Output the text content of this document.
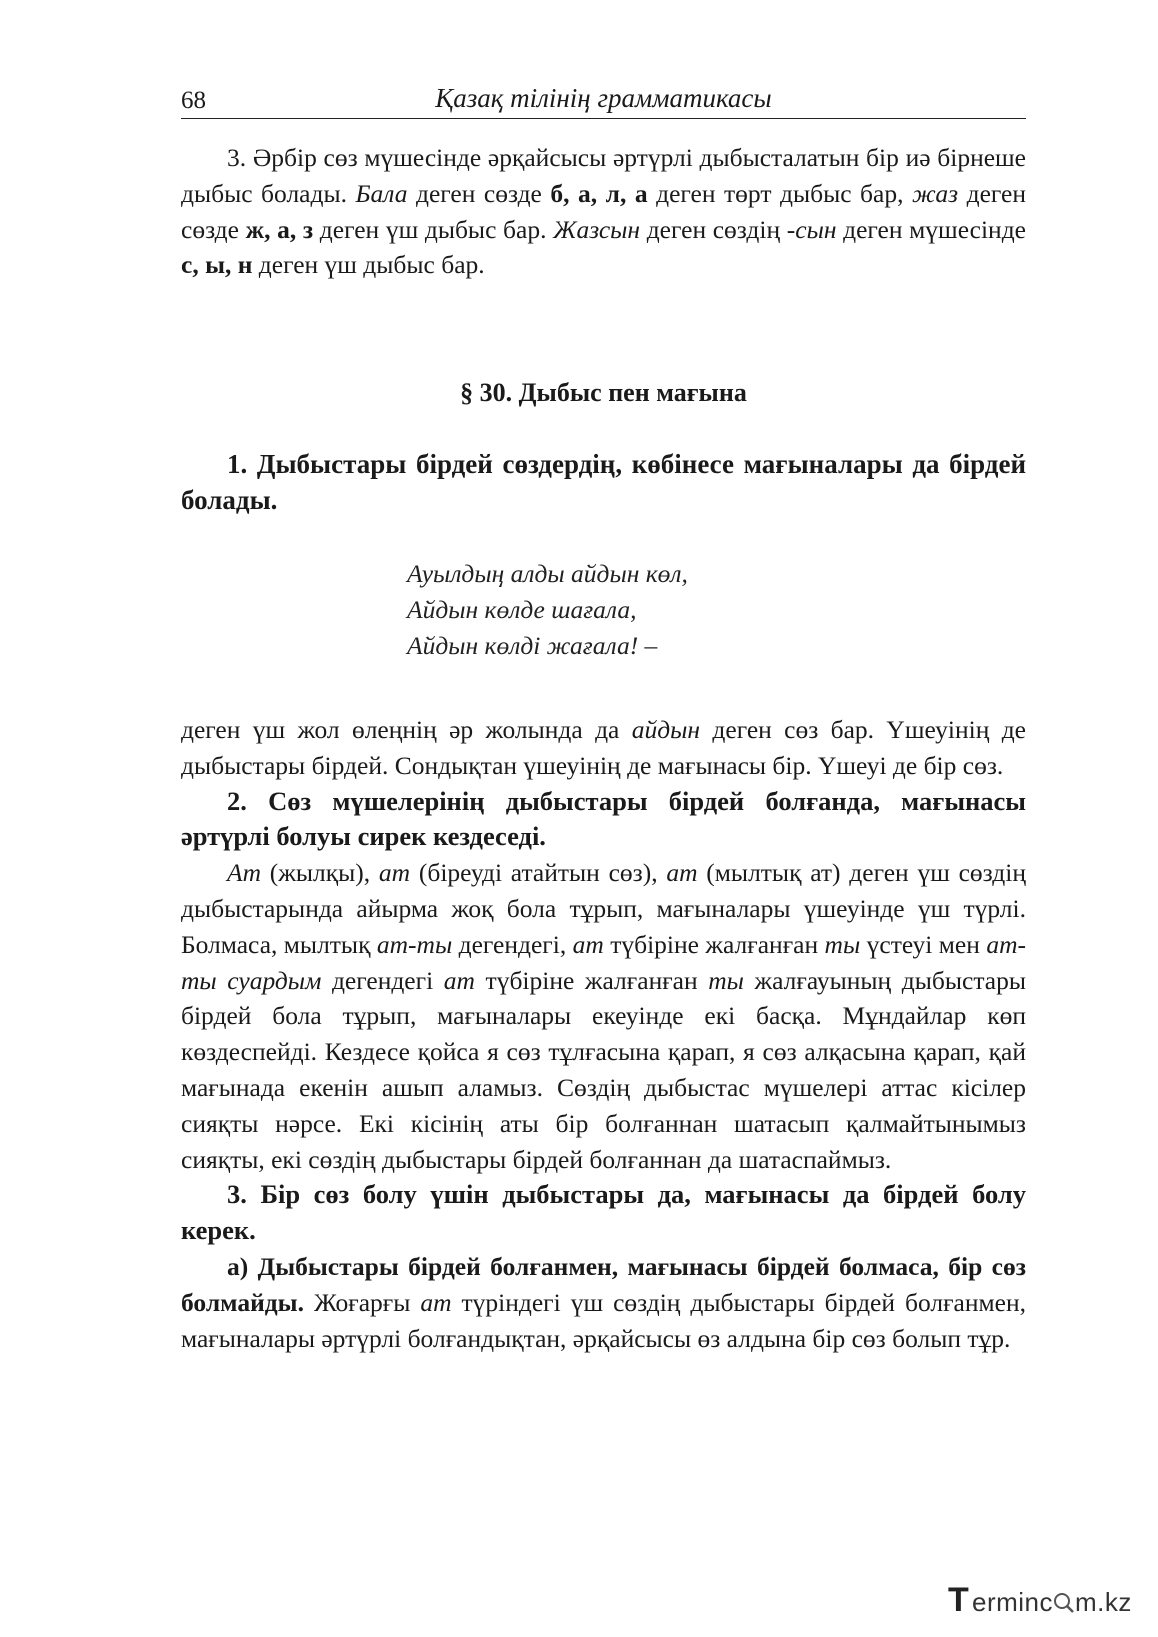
68	Қазақ тілінің грамматикасы

3. Әрбір сөз мүшесінде әрқайсысы әртүрлі дыбысталатын бір иә бірнеше дыбыс болады. Бала деген сөзде б, а, л, а деген төрт дыбыс бар, жаз деген сөзде ж, а, з деген үш дыбыс бар. Жазсын деген сөздің -сын деген мүшесінде с, ы, н деген үш дыбыс бар.

§ 30. Дыбыс пен мағына

1. Дыбыстары бірдей сөздердің, көбінесе мағыналары да бірдей болады.

Ауылдың алды айдын көл,
Айдын көлде шағала,
Айдын көлді жағала! –

деген үш жол өлеңнің әр жолында да айдын деген сөз бар. Үшеуінің де дыбыстары бірдей. Сондықтан үшеуінің де мағынасы бір. Үшеуі де бір сөз.

2. Сөз мүшелерінің дыбыстары бірдей болғанда, мағынасы әртүрлі болуы сирек кездеседі.

Ат (жылқы), ат (біреуді атайтын сөз), ат (мылтық ат) деген үш сөздің дыбыстарында айырма жоқ бола тұрып, мағыналары үшеуінде үш түрлі. Болмаса, мылтық ат-ты дегендегі, ат түбіріне жалғанған ты үстеуі мен ат-ты суардым дегендегі ат түбіріне жалғанған ты жалғауының дыбыстары бірдей бола тұрып, мағыналары екеуінде екі басқа. Мұндайлар көп көздеспейді. Кездесе қойса я сөз тұлғасына қарап, я сөз алқасына қарап, қай мағынада екенін ашып аламыз. Сөздің дыбыстас мүшелері аттас кісілер сияқты нәрсе. Екі кісінің аты бір болғаннан шатасып қалмайтынымыз сияқты, екі сөздің дыбыстары бірдей болғаннан да шатаспаймыз.

3. Бір сөз болу үшін дыбыстары да, мағынасы да бірдей болу керек.

а) Дыбыстары бірдей болғанмен, мағынасы бірдей болмаса, бір сөз болмайды. Жоғарғы ат түріндегі үш сөздің дыбыстары бірдей болғанмен, мағыналары әртүрлі болғандықтан, әрқайсысы өз алдына бір сөз болып тұр.

T erminc m.kz
